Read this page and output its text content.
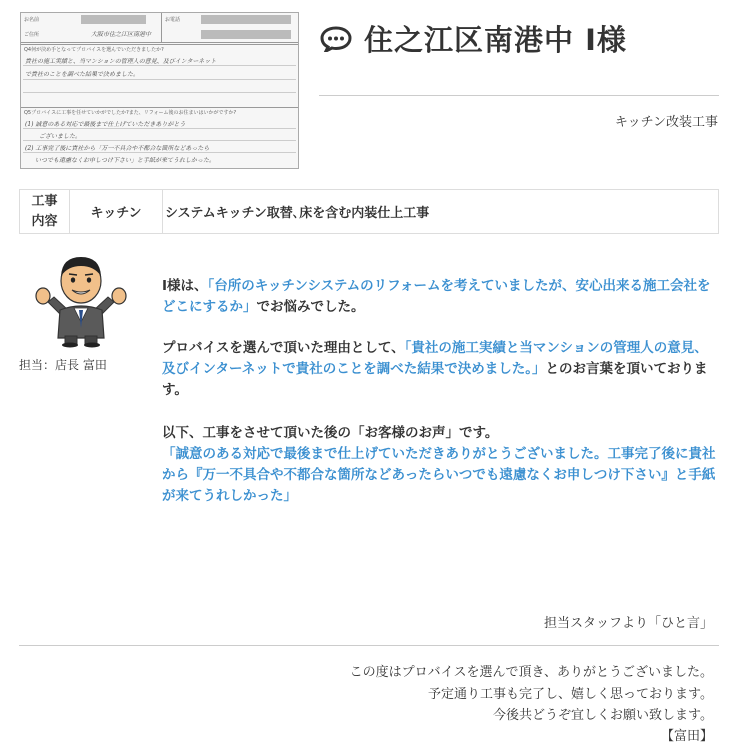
お名前	お電話
ご住所	大阪市住之江区南港中
Q4何が決め手となってプロバイスを選んでいただきましたか?
貴社の施工実績と、当マンションの管理人の意見、及びインターネット
で貴社のことを調べた結果で決めました。
Q5プロバイスに工事を任せていかがでしたか?また、リフォーム後のお住まいはいかがですか?
(1) 誠意のある対応で最後まで仕上げていただきありがとう
ございました。
(2) 工事完了後に貴社から「万一不具合や不都合な箇所などあったら
いつでも遠慮なくお申しつけ下さい」と手紙が来てうれしかった。
住之江区南港中 I様
キッチン改装工事
工事内容	キッチン	システムキッチン取替､床を含む内装仕上工事
担当：店長 富田

I様は、「台所のキッチンシステムのリフォームを考えていましたが、安心出来る施工会社をどこにするか」でお悩みでした。

プロバイスを選んで頂いた理由として、「貴社の施工実績と当マンションの管理人の意見、及びインターネットで貴社のことを調べた結果で決めました。」とのお言葉を頂いております。

以下、工事をさせて頂いた後の「お客様のお声」です。
「誠意のある対応で最後まで仕上げていただきありがとうございました。工事完了後に貴社から『万一不具合や不都合な箇所などあったらいつでも遠慮なくお申しつけ下さい』と手紙が来てうれしかった」

担当スタッフより「ひと言」
この度はプロバイスを選んで頂き、ありがとうございました。
予定通り工事も完了し、嬉しく思っております。
今後共どうぞ宜しくお願い致します。
【富田】
